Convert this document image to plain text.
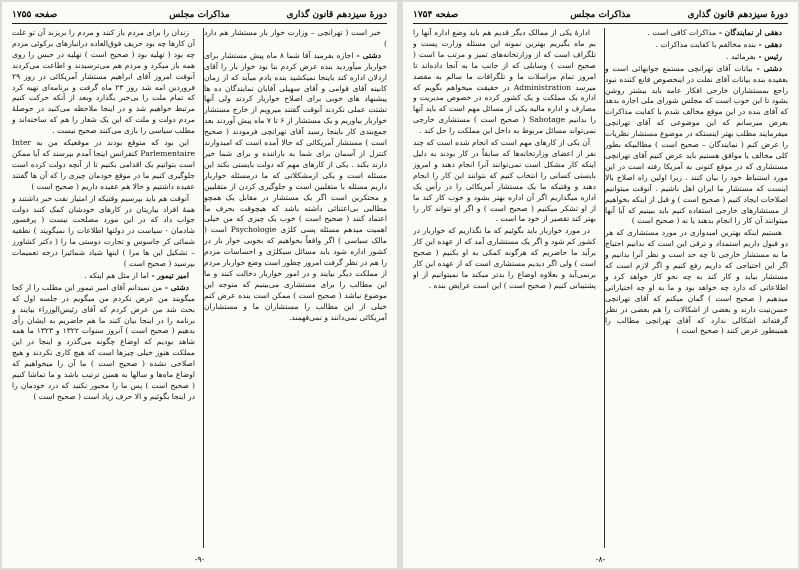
دورهٔ سیزدهم قانون گذاری
مذاکرات مجلس
صفحه ۱۷۵۵

خبر است ( تهرانچی – وزارت خوار بار مستشار هم دارد )

دشتی - اجازه بفرمید آقا شما ۸ ماه پیش مستشار برای خواربار میآوردید بنده عرض کردم بنا بود خوار بار را آقای اردلان اداره کند باینجا نمیکشید بنده یادم میآید که از زمان کابینه آقای قوامی و آقای سهیلی آقایان نمایندگان ده ها پیشنهاد های خوبی برای اصلاح خواربار کردند ولی آنها تشتت عملی نکردند آنوقت گفتند میرویم از خارج مستشار خواربار بیاوریم و یک مستشار از ۶ تا ۷ ماه پیش آوردند بعد جمع‌بندی کار باینجا رسید آقای تهرانچی فرمودند ( صحیح است ) مستشار آمریکائی که حالا آمده است که امیدوارند کنترل از آسمان برای شما به باراننده و برای شما خیر دارند بکند . یکی از کارهای مهم که دولت بایستی بکند این مسئله است و یکی ازمشکلاتی که ما درمسئله خواربار داریم مسئله با متقلبین است و جلوگیری کردن از متقلبین و محتکرین است اگر یک مستشار در مقابل یک همچو مطالبی بی‌اعتنائی داشته باشد که هیچوقت بحرف ما اعتماد کنند ( صحیح است ) خوب یک چیزی که من خیلی اهمیت میدهم مسئله پسی کلژی Psychologie است ( مالک سیاسی ) اگر واقعاً بخواهیم که بخوبی خوار بار در کشور اداره شود باید مسائل سیکلژی و احساسات مردم را هم در نظر گرفت امروز چطور است وضع خواربار مردم از مملکت دیگر بیایند و در امور خواربار دخالت کنند و ما این مطالب را برای مستشاری می‌بینیم که متوجه این موضوع نباشد ( صحیح است ) ممکن است بنده عرض کنم خیلی از این مطالب را مستشاران ما و مستشاران آمریکائی نمی‌دانند و نمی‌فهمند.

زندان را برای مردم باز کنند و مردم را بریزند آن تو علت آن کارها چه بود حریف فوق‌العاده درانبارهای برکوئی مردم چه بود ( تهلیه بود ( صحیح است ) تهلیه در حبس را روی همه باز میکرد و مردم هم می‌ترسیدند و اطاعت می‌کردند آنوقت امروز آقای ابراهیم مستشار آمریکائی در روز ۲۹ فروردین امه شد روز ۲۳ ماه گرفت و برنامه‌ای تهیه کرد که تمام ملت را بی‌خبر بگذارد وبعد از آنکه حرکت کنیم مرتبط خواهیم شد و در اینجا ملاحظه می‌کنید در حوصلۀ مردم دولت و ملت که این یک شعار را هم که ساخته‌اند و مطلب سیاسی را بازی می‌کنند صحیح نیست .

این بود که متوقع بودند در موقعیکه من به Inter Parlementaire کنفرانس اینجا آمدم بپرسند که آیا ممکن است بتوانیم یک اقدامی بکنیم تا از آنچه دولت کرده است جلوگیری کنیم ما در موقع خودمان چیزی را که آن ها گفتند عقیده داشتیم و حالا هم عقیده داریم ( صحیح است )

آنوقت هم باید بپرسیم وقتیکه از امتیاز نفت خبر داشتند و همۀ افراد بیاریتان در کارهای خودشان کمک کنند دولت جواب داد که در این مورد مصلحت نیست ( پرفسور شادمان - سیاست در دولتها اطلاعات را نمیگویند ) نطقیه شمائی کر جاسوس و تجارت دوستی ما را ( دکتر کشاورز – تشکیل این ها مرا ) اینها شیاد شمائیرا درجه تعمیمات بپرسید ( صحیح است )

امیر تیمور - اما از مثل هم اینکه .

دشتی - من نمیدانم آقای امیر تیمور این مطلب را از کجا میگویند من عرض نکردم من میگویم در جلسه اول که بحث شد من عرض کردم که آقای رئیس‌الوزراء بیایند و برنامه را در اینجا بیان کنند ما هم حاضریم به ایشان رأی بدهیم ( صحیح است ) آنروز سنوات ۱۳۲۲ و ۱۳۲۳ ما همه شاهد بودیم که اوضاع چگونه می‌گذرد و اینجا در این مملکت هنوز خیلی چیزها است که هیچ کاری نکردند و هیچ اصلاحی نشده ( صحیح است ) ما آن را میخواهیم که اوضاع ماه‌ها و سالها به همین ترتیب باشد و ما تماشا کنیم ( صحیح است ) پس ما را مجبور نکنید که درد خودمان را در اینجا بگوئیم و الا حرف زیاد است ( صحیح است )

-۹-
دورهٔ سیزدهم قانون گذاری
مذاکرات مجلس
صفحه ۱۷۵۴

دهقی ار نمایندگان - مذاکرات کافی است .

دهقی - بنده مخالفم با کفایت مذاکرات .

رئیس - بفرمائید .

دشتی - بیانات آقای تهرانچی مستمع جوابهائی است و بعقیده بنده بیانات آقای نفلت در اینخصوص قانع کننده نبود راجع بمستشاران خارجی افکار عامه باید بیشتر روشن بشود تا این خوب است که مجلس شورای ملی اجازه بدهد که آقای بنده در این موقع مخالف شدم با کفایت مذاکرات بعرض میرسانم که این موضوعی که آقای تهرانچی میفرمایند مطلب بهتر اینستکه در موضوع مستشار نظریات را عرض کنم ( نمایندگان – صحیح است ) مطالبیکه بطور کلی مخالف یا موافق هستیم باید عرض کنیم آقای تهرانچی مستشاری که در موقع کنونی به آمریکا رفته است در این مورد استنباط خود را بیان کنند . زیرا اولین راه اصلاح بالا اینست که مستشار ما ایران اهل باشیم . آنوقت میتوانیم اصلاحات ایجاد کنیم ( صحیح است ) و قبل از اینکه بخواهیم از مستشارهای خارجی استفاده کنیم باید ببینیم که آیا آنها میتوانند آن کار را انجام بدهند یا نه ( صحیح است )

هستیم اینکه بهترین امیدواری در مورد مستشاری که هر دو قبول داریم استمداد و ترقی این است که بدانیم احتیاج ما به مستشار خارجی تا چه حد است و نظر آنرا بدانیم و اگر این احتیاجی که داریم رفع کنیم و اگر لازم است که مستشار بیاید و کار کند به چه نحو کار خواهد کرد و اطلاعاتی که دارد چه خواهد بود و ما به او چه اختیاراتی میدهیم ( صحیح است ) گمان میکنم که آقای تهرانچی حسن‌نیت دارند و بعضی از اشکالات را هم بعضی در نظر گرفته‌اند اشکالی ندارد که آقای تهرانچی مطالب را همینطور عرض کنند ( صحیح است )

ادارهٔ یکی از ممالک دیگر قدیم هم باید وضع اداره آنها را بم ماه بگیریم بهترین نمونه این مسئله وزارت پست و تلگراف است که از وزارتخانه‌های تمیز و مرتب ما است ( صحیح است ) وسایلی که از جانب ما به آنجا داده‌اند تا امروز تمام مراسلات ما و تلگرافات ما سالم به مقصد میرسد Administration در حقیقت میخواهم بگویم که اداره یک مملکت و یک کشور کرده در خصوص مدیریت و مصارف و اداره مالیه یکی از مسائل مهم است که باید آنها را بدانیم Sabotage ( صحیح است ) مستشاری خارجی نمی‌تواند مسائل مربوط به داخل این مملکت را حل کند .

آن یکی از کارهای مهم است که انجام شده است که چند نفر از اعضای وزارتخانه‌ها که سابقاً در کار بودند به دلیل اینکه کار مشکل است نمی‌توانند آنرا انجام دهند و امروز بایستی کسانی را انتخاب کنیم که بتوانند این کار را انجام دهند و وقتیکه ما یک مستشار آمریکائی را در رأس یک اداره میگذاریم اگر آن اداره بهتر بشود و خوب کار کند ما از او تشکر میکنیم ( صحیح است ) و اگر او نتواند کار را بهتر کند تقصیر از خود ما است .

در مورد خواربار باید بگوئیم که ما نگذاریم که خواربار در کشور کم شود و اگر یک مستشاری آمد که از عهده این کار برآید ما حاضریم که هرگونه کمکی به او بکنیم ( صحیح است ) ولی اگر دیدیم مستشاری است که از عهده این کار برنمی‌آید و بعلاوه اوضاع را بدتر میکند ما نمیتوانیم از او پشتیبانی کنیم ( صحیح است ) این است عرایض بنده .

-۸-
